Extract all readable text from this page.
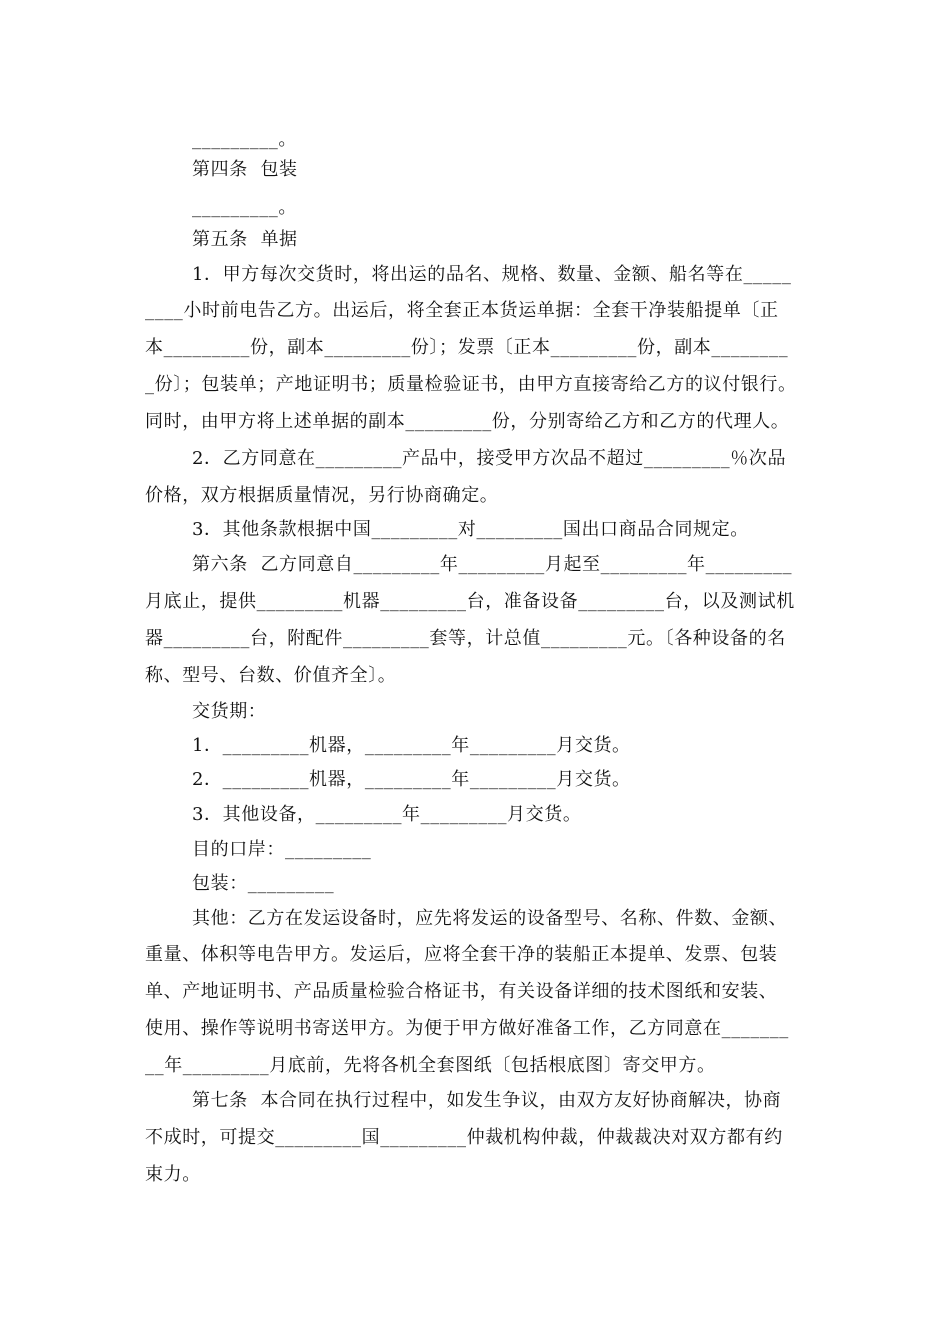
_________。
第四条  包装
_________。
第五条  单据
1．甲方每次交货时，将出运的品名、规格、数量、金额、船名等在_____
____小时前电告乙方。出运后，将全套正本货运单据：全套干净装船提单〔正
本_________份，副本_________份〕；发票〔正本_________份，副本________
_份〕；包装单；产地证明书；质量检验证书，由甲方直接寄给乙方的议付银行。
同时，由甲方将上述单据的副本_________份，分别寄给乙方和乙方的代理人。
2．乙方同意在_________产品中，接受甲方次品不超过_________％次品
价格，双方根据质量情况，另行协商确定。
3．其他条款根据中国_________对_________国出口商品合同规定。
第六条  乙方同意自_________年_________月起至_________年_________
月底止，提供_________机器_________台，准备设备_________台，以及测试机
器_________台，附配件_________套等，计总值_________元。〔各种设备的名
称、型号、台数、价值齐全〕。
交货期：
1．_________机器，_________年_________月交货。
2．_________机器，_________年_________月交货。
3．其他设备，_________年_________月交货。
目的口岸：_________
包装：_________
其他：乙方在发运设备时，应先将发运的设备型号、名称、件数、金额、
重量、体积等电告甲方。发运后，应将全套干净的装船正本提单、发票、包装
单、产地证明书、产品质量检验合格证书，有关设备详细的技术图纸和安装、
使用、操作等说明书寄送甲方。为便于甲方做好准备工作，乙方同意在_______
__年_________月底前，先将各机全套图纸〔包括根底图〕寄交甲方。
第七条  本合同在执行过程中，如发生争议，由双方友好协商解决，协商
不成时，可提交_________国_________仲裁机构仲裁，仲裁裁决对双方都有约
束力。
